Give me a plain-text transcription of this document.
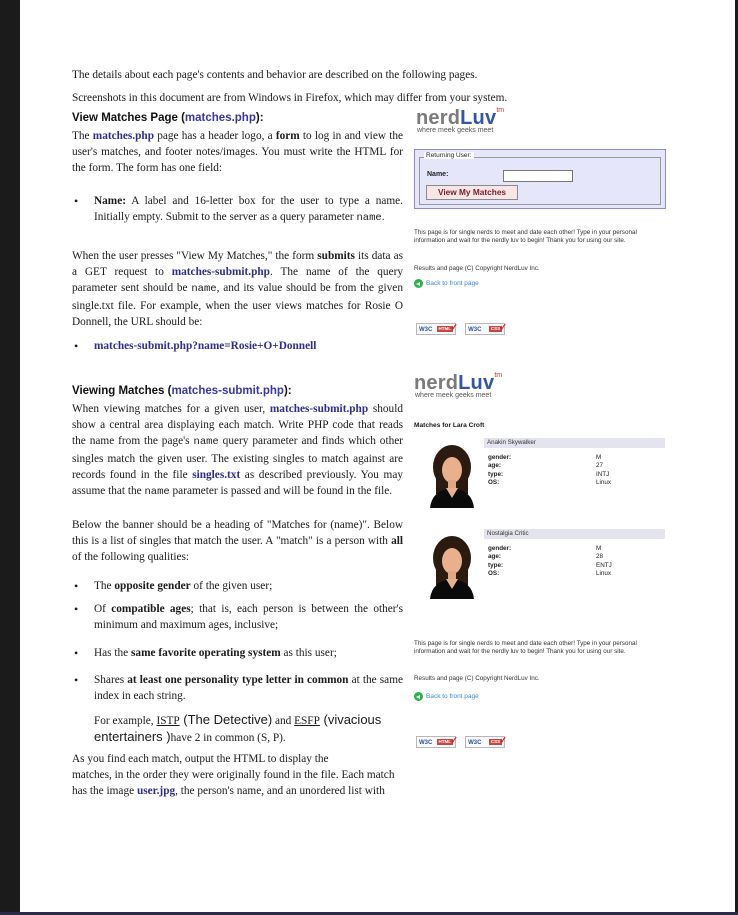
The details about each page's contents and behavior are described on the following pages.
Screenshots in this document are from Windows in Firefox, which may differ from your system.
View Matches Page (matches.php):
The matches.php page has a header logo, a form to log in and view the user's matches, and footer notes/images. You must write the HTML for the form. The form has one field:
• Name: A label and 16-letter box for the user to type a name. Initially empty. Submit to the server as a query parameter name.
When the user presses "View My Matches," the form submits its data as a GET request to matches-submit.php. The name of the query parameter sent should be name, and its value should be from the given single.txt file. For example, when the user views matches for Rosie O Donnell, the URL should be:
• matches-submit.php?name=Rosie+O+Donnell
Viewing Matches (matches-submit.php):
When viewing matches for a given user, matches-submit.php should show a central area displaying each match. Write PHP code that reads the name from the page's name query parameter and finds which other singles match the given user. The existing singles to match against are records found in the file singles.txt as described previously. You may assume that the name parameter is passed and will be found in the file.
Below the banner should be a heading of "Matches for (name)". Below this is a list of singles that match the user. A "match" is a person with all of the following qualities:
• The opposite gender of the given user;
• Of compatible ages; that is, each person is between the other's minimum and maximum ages, inclusive;
• Has the same favorite operating system as this user;
• Shares at least one personality type letter in common at the same index in each string.
For example, ISTP (The Detective) and ESFP (vivacious entertainers )have 2 in common (S, P).
As you find each match, output the HTML to display the
matches, in the order they were originally found in the file. Each match
has the image user.jpg, the person's name, and an unordered list with
nerdLuv$^{tm}$
where meek geeks meet
Returning User:
Name:
View My Matches
This page is for single nerds to meet and date each other! Type in your personal information and wait for the nerdly luv to begin! Thank you for using our site.
Results and page (C) Copyright NerdLuv Inc.
Back to front page
W3C	HTML ✓ W3C	CSS ✓
nerdLuv$^{tm}$
where meek geeks meet
Matches for Lara Croft
Anakin Skywalker
gender:	M
age:	27
type:	INTJ
OS:	Linux
Nostalgia Critic
gender:	M
age:	28
type:	ENTJ
OS:	Linux
This page is for single nerds to meet and date each other! Type in your personal information and wait for the nerdly luv to begin! Thank you for using our site.
Results and page (C) Copyright NerdLuv Inc.
Back to front page
W3C	HTML ✓ W3C	CSS ✓
